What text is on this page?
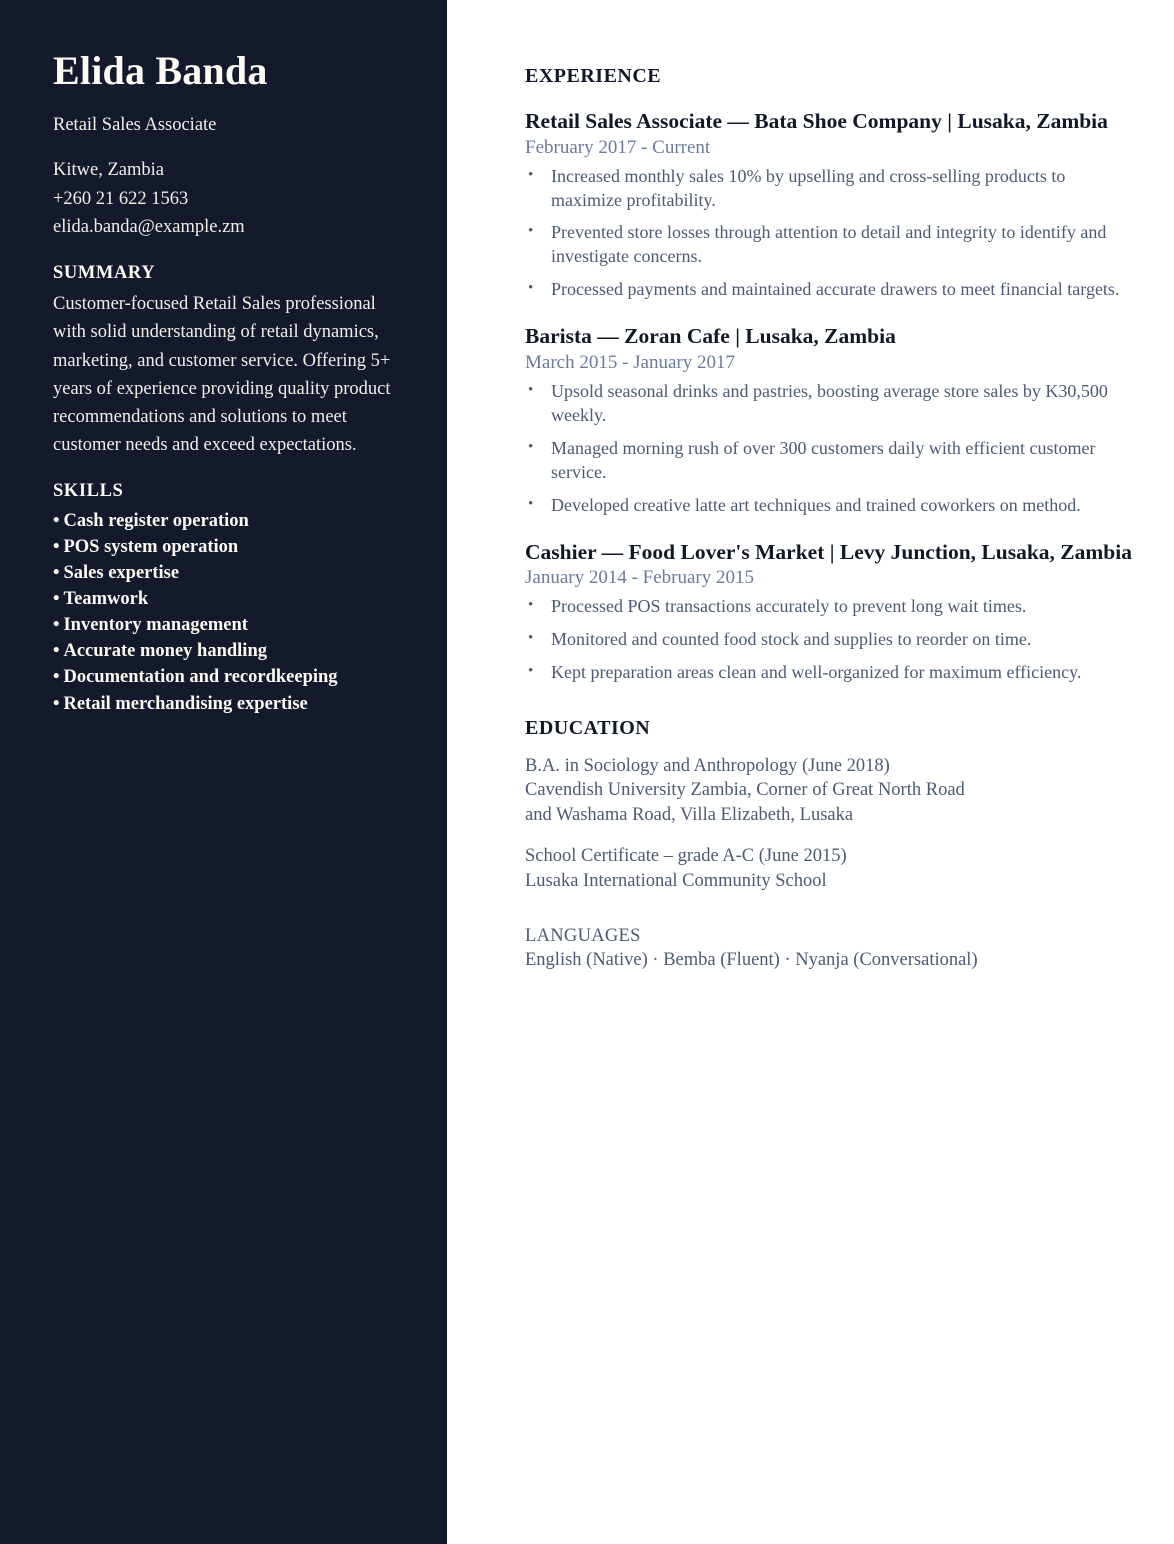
Elida Banda
Retail Sales Associate
Kitwe, Zambia
+260 21 622 1563
elida.banda@example.zm
SUMMARY

Customer-focused Retail Sales professional with solid understanding of retail dynamics, marketing, and customer service. Offering 5+ years of experience providing quality product recommendations and solutions to meet customer needs and exceed expectations.

SKILLS
• Cash register operation
• POS system operation
• Sales expertise
• Teamwork
• Inventory management
• Accurate money handling
• Documentation and recordkeeping
• Retail merchandising expertise
EXPERIENCE
Retail Sales Associate — Bata Shoe Company | Lusaka, Zambia
February 2017 - Current
• Increased monthly sales 10% by upselling and cross-selling products to maximize profitability.
• Prevented store losses through attention to detail and integrity to identify and investigate concerns.
• Processed payments and maintained accurate drawers to meet financial targets.
Barista — Zoran Cafe | Lusaka, Zambia
March 2015 - January 2017
• Upsold seasonal drinks and pastries, boosting average store sales by K30,500 weekly.
• Managed morning rush of over 300 customers daily with efficient customer service.
• Developed creative latte art techniques and trained coworkers on method.
Cashier — Food Lover's Market | Levy Junction, Lusaka, Zambia
January 2014 - February 2015
• Processed POS transactions accurately to prevent long wait times.
• Monitored and counted food stock and supplies to reorder on time.
• Kept preparation areas clean and well-organized for maximum efficiency.
EDUCATION
B.A. in Sociology and Anthropology (June 2018)
Cavendish University Zambia, Corner of Great North Road
and Washama Road, Villa Elizabeth, Lusaka
School Certificate – grade A-C (June 2015)
Lusaka International Community School
LANGUAGES
English (Native) · Bemba (Fluent) · Nyanja (Conversational)
